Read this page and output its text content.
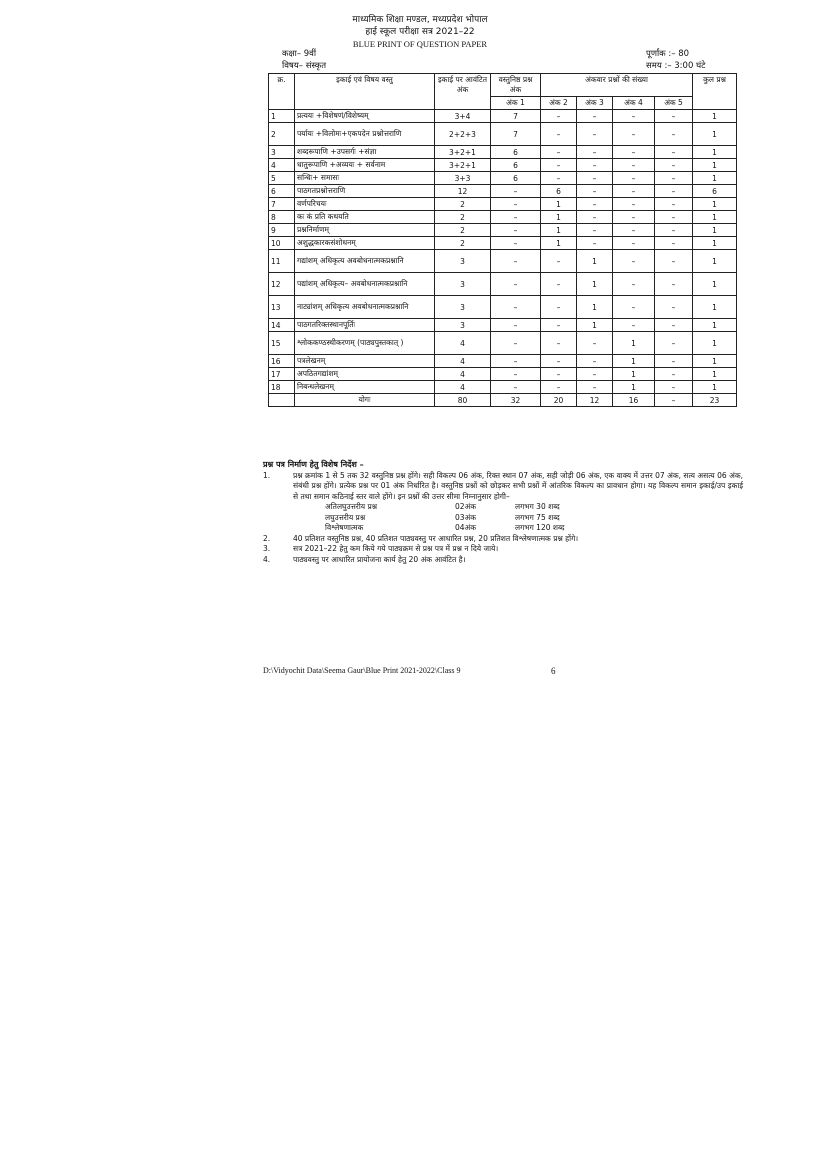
माध्यमिक शिक्षा मण्डल, मध्यप्रदेश भोपाल
हाई स्कूल परीक्षा सत्र 2021–22
BLUE PRINT OF QUESTION PAPER
कक्षा– 9वीं
विषय– संस्कृत
पूर्णांक :– 80
समय :– 3:00 घंटे
क्र.	इकाई एवं विषय वस्तु	इकाई पर आवंटित अंक	वस्तुनिष्ठ प्रश्न अंक	अंकवार प्रश्नों की संख्या				कुल प्रश्न
			अंक 1	अंक 2	अंक 3	अंक 4	अंक 5	
1	प्रत्ययः +विशेषणं/विशेष्यम्	3+4	7	–	–	–	–	1
2	पर्यायः +विलोमः+एकपदेन प्रश्नोत्तराणि	2+2+3	7	–	–	–	–	1
3	शब्दरूपाणि +उपसर्गः +संज्ञा	3+2+1	6	–	–	–	–	1
4	धातुरूपाणि +अव्ययः + सर्वनाम	3+2+1	6	–	–	–	–	1
5	सन्धिः+ समासः	3+3	6	–	–	–	–	1
6	पाठगतप्रश्नोत्तराणि	12	–	6	–	–	–	6
7	वर्णपरिचयः	2	–	1	–	–	–	1
8	कः कं प्रति कथयति	2	–	1	–	–	–	1
9	प्रश्ननिर्माणम्	2	–	1	–	–	–	1
10	अशुद्धकारकसंशोधनम्	2	–	1	–	–	–	1
11	गद्यांशम् अधिकृत्य अवबोधनात्मकप्रश्नानि	3	–	–	1	–	–	1
12	पद्यांशम् अधिकृत्य– अवबोधनात्मकप्रश्नानि	3	–	–	1	–	–	1
13	नाट्यांशम् अधिकृत्य अवबोधनात्मकप्रश्नानि	3	–	–	1	–	–	1
14	पाठगतरिक्तस्थानपूर्तिः	3	–	–	1	–	–	1
15	श्लोककण्ठस्थीकरणम् (पाठ्यपुस्तकात् )	4	–	–	–	1	–	1
16	पत्रलेखनम्	4	–	–	–	1	–	1
17	अपठितगद्यांशम्	4	–	–	–	1	–	1
18	निबन्धलेखनम्	4	–	–	–	1	–	1
	योगः	80	32	20	12	16	–	23
प्रश्न पत्र निर्माण हेतु विशेष निर्देश –
1.	प्रश्न क्रमांक 1 से 5 तक 32 वस्तुनिष्ठ प्रश्न होंगे। सही विकल्प 06 अंक, रिक्त स्थान 07 अंक, सही जोड़ी 06 अंक, एक वाक्य में उत्तर 07 अंक, सत्य असत्य 06 अंक, संबंधी प्रश्न होंगे। प्रत्येक प्रश्न पर 01 अंक निर्धारित है। वस्तुनिष्ठ प्रश्नों को छोड़कर सभी प्रश्नों में आंतरिक विकल्प का प्रावधान होगा। यह विकल्प समान इकाई/उप इकाई से तथा समान कठिनाई स्तर वाले होंगे। इन प्रश्नों की उत्तर सीमा निम्नानुसार होगी–
अतिलघुउत्तरीय प्रश्न	02अंक	लगभग 30 शब्द
लघुउत्तरीय प्रश्न	03अंक	लगभग 75 शब्द
विश्लेषणात्मक	04अंक	लगभग 120 शब्द
2.	40 प्रतिशत वस्तुनिष्ठ प्रश्न, 40 प्रतिशत पाठ्यवस्तु पर आधारित प्रश्न, 20 प्रतिशत विश्लेषणात्मक प्रश्न होंगे।
3.	सत्र 2021–22 हेतु कम किये गये पाठ्यक्रम से प्रश्न पत्र में प्रश्न न दिये जाये।
4.	पाठ्यवस्तु पर आधारित प्रायोजना कार्य हेतु 20 अंक आवंटित है।
D:\Vidyochit Data\Seema Gaur\Blue Print 2021-2022\Class 9	6
